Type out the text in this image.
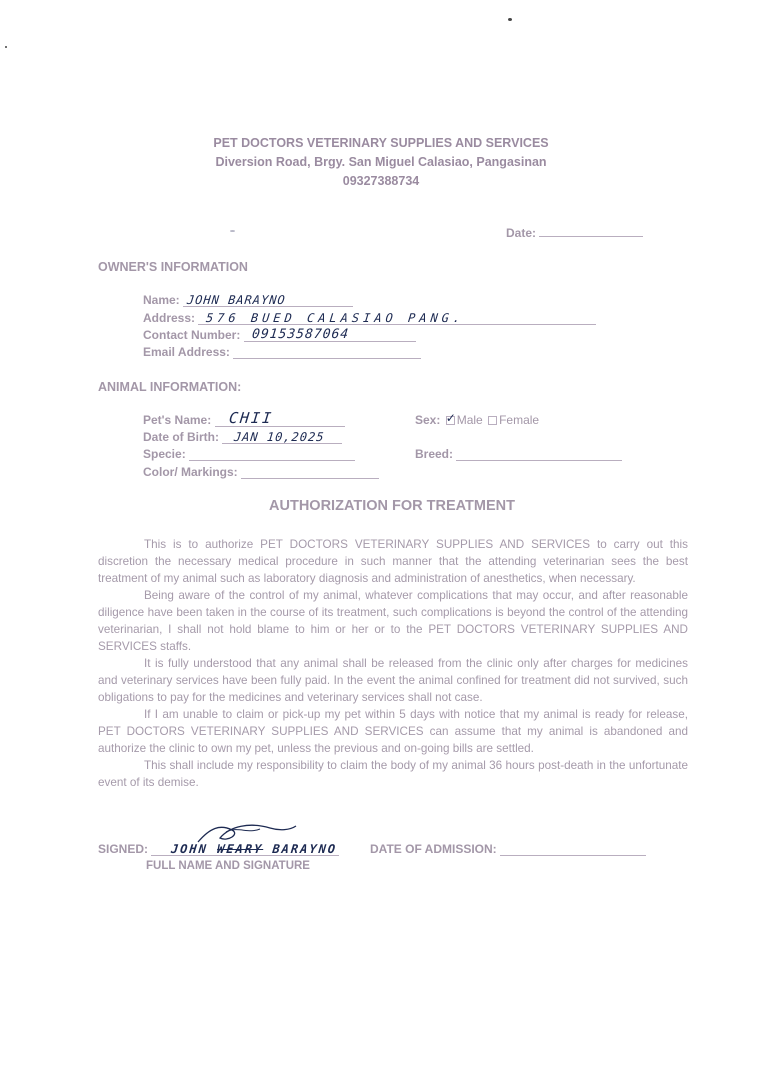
PET DOCTORS VETERINARY SUPPLIES AND SERVICES
Diversion Road, Brgy. San Miguel Calasiao, Pangasinan
09327388734
Date:
OWNER'S INFORMATION
Name: JOHN BARAYNO
Address: 576 BUED CALASIAO PANG.
Contact Number: 09153587064
Email Address:
ANIMAL INFORMATION:
Pet's Name: CHII
Date of Birth: JAN 10,2025
Specie:
Color/ Markings:
Sex: ✓ Male Female
Breed:
AUTHORIZATION FOR TREATMENT

This is to authorize PET DOCTORS VETERINARY SUPPLIES AND SERVICES to carry out this discretion the necessary medical procedure in such manner that the attending veterinarian sees the best treatment of my animal such as laboratory diagnosis and administration of anesthetics, when necessary.

Being aware of the control of my animal, whatever complications that may occur, and after reasonable diligence have been taken in the course of its treatment, such complications is beyond the control of the attending veterinarian, I shall not hold blame to him or her or to the PET DOCTORS VETERINARY SUPPLIES AND SERVICES staffs.

It is fully understood that any animal shall be released from the clinic only after charges for medicines and veterinary services have been fully paid. In the event the animal confined for treatment did not survived, such obligations to pay for the medicines and veterinary services shall not case.

If I am unable to claim or pick-up my pet within 5 days with notice that my animal is ready for release, PET DOCTORS VETERINARY SUPPLIES AND SERVICES can assume that my animal is abandoned and authorize the clinic to own my pet, unless the previous and on-going bills are settled.

This shall include my responsibility to claim the body of my animal 36 hours post-death in the unfortunate event of its demise.

SIGNED: JOHN WEARY BARAYNO
FULL NAME AND SIGNATURE
DATE OF ADMISSION:
